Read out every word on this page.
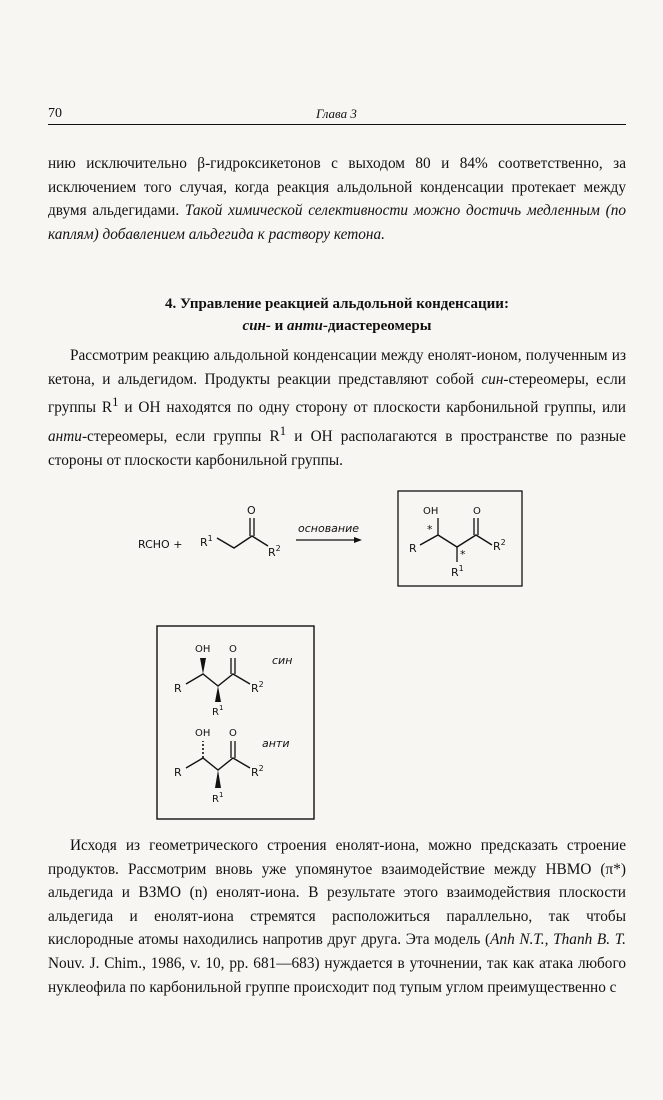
70	Глава 3

нию исключительно β-гидроксикетонов с выходом 80 и 84% соответственно, за исключением того случая, когда реакция альдольной конденсации протекает между двумя альдегидами. Такой химической селективности можно достичь медленным (по каплям) добавлением альдегида к раствору кетона.

4. Управление реакцией альдольной конденсации:
син- и анти-диастереомеры

Рассмотрим реакцию альдольной конденсации между енолят-ионом, полученным из кетона, и альдегидом. Продукты реакции представляют собой син-стереомеры, если группы $R^1$ и OH находятся по одну сторону от плоскости карбонильной группы, или анти-стереомеры, если группы $R^1$ и OH располагаются в пространстве по разные стороны от плоскости карбонильной группы.

RCHO + $R^1$
O
$R^2$
основание
OH	O
*
*
R	$R^2$
$R^1$
OH O
син
R	$R^2$
$R^1$
OH O
анти
R	$R^2$
$R^1$

Исходя из геометрического строения енолят-иона, можно предсказать строение продуктов. Рассмотрим вновь уже упомянутое взаимодействие между НВМО (π*) альдегида и ВЗМО (n) енолят-иона. В результате этого взаимодействия плоскости альдегида и енолят-иона стремятся расположиться параллельно, так чтобы кислородные атомы находились напротив друг друга. Эта модель (Anh N.T., Thanh B. T. Nouv. J. Chim., 1986, v. 10, pp. 681—683) нуждается в уточнении, так как атака любого нуклеофила по карбонильной группе происходит под тупым углом преимущественно с
